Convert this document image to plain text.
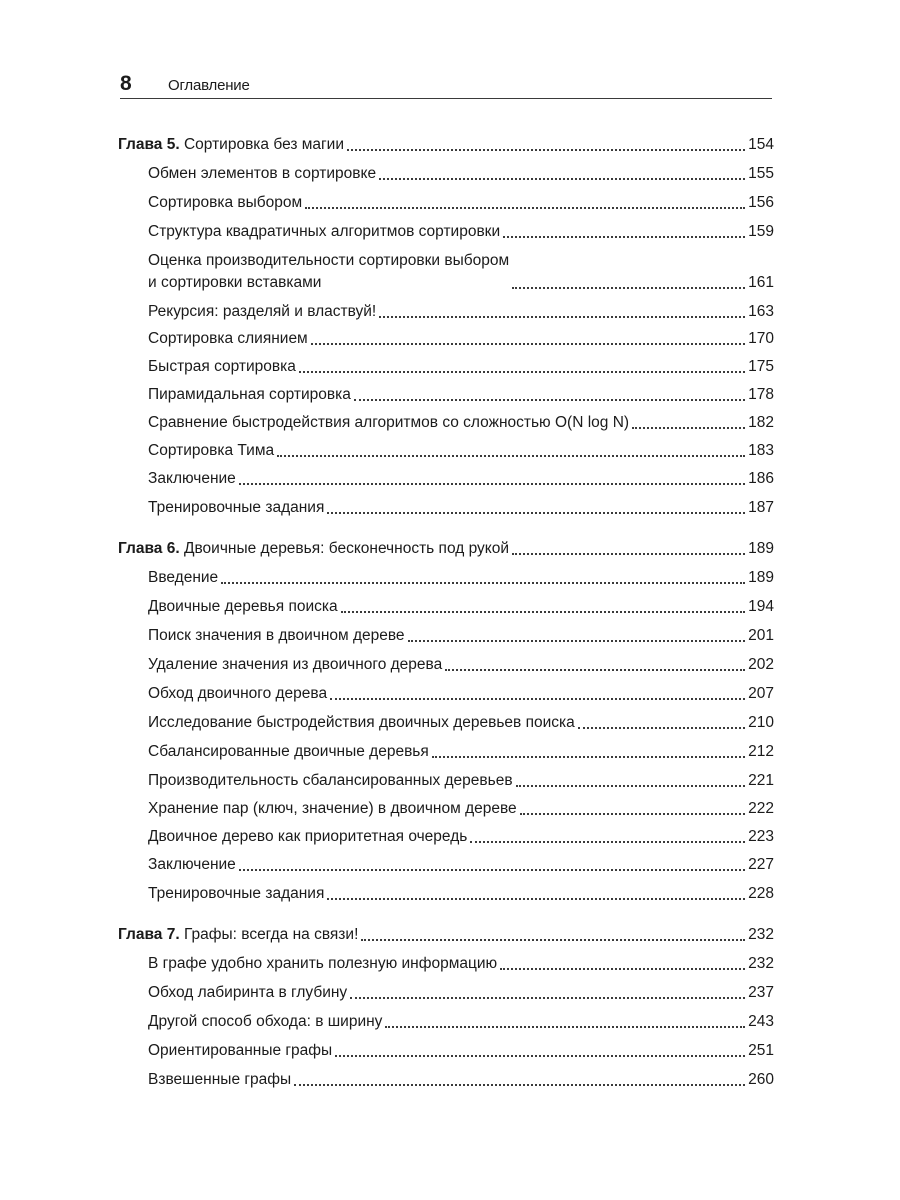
8 Оглавление
Глава 5. Сортировка без магии	154
Обмен элементов в сортировке	155
Сортировка выбором	156
Структура квадратичных алгоритмов сортировки	159
Оценка производительности сортировки выбором
и сортировки вставками	161
Рекурсия: разделяй и властвуй!	163
Сортировка слиянием	170
Быстрая сортировка	175
Пирамидальная сортировка	178
Сравнение быстродействия алгоритмов со сложностью O(N log N)	182
Сортировка Тима	183
Заключение	186
Тренировочные задания	187
Глава 6. Двоичные деревья: бесконечность под рукой	189
Введение	189
Двоичные деревья поиска	194
Поиск значения в двоичном дереве	201
Удаление значения из двоичного дерева	202
Обход двоичного дерева	207
Исследование быстродействия двоичных деревьев поиска	210
Сбалансированные двоичные деревья	212
Производительность сбалансированных деревьев	221
Хранение пар (ключ, значение) в двоичном дереве	222
Двоичное дерево как приоритетная очередь	223
Заключение	227
Тренировочные задания	228
Глава 7. Графы: всегда на связи!	232
В графе удобно хранить полезную информацию	232
Обход лабиринта в глубину	237
Другой способ обхода: в ширину	243
Ориентированные графы	251
Взвешенные графы	260
